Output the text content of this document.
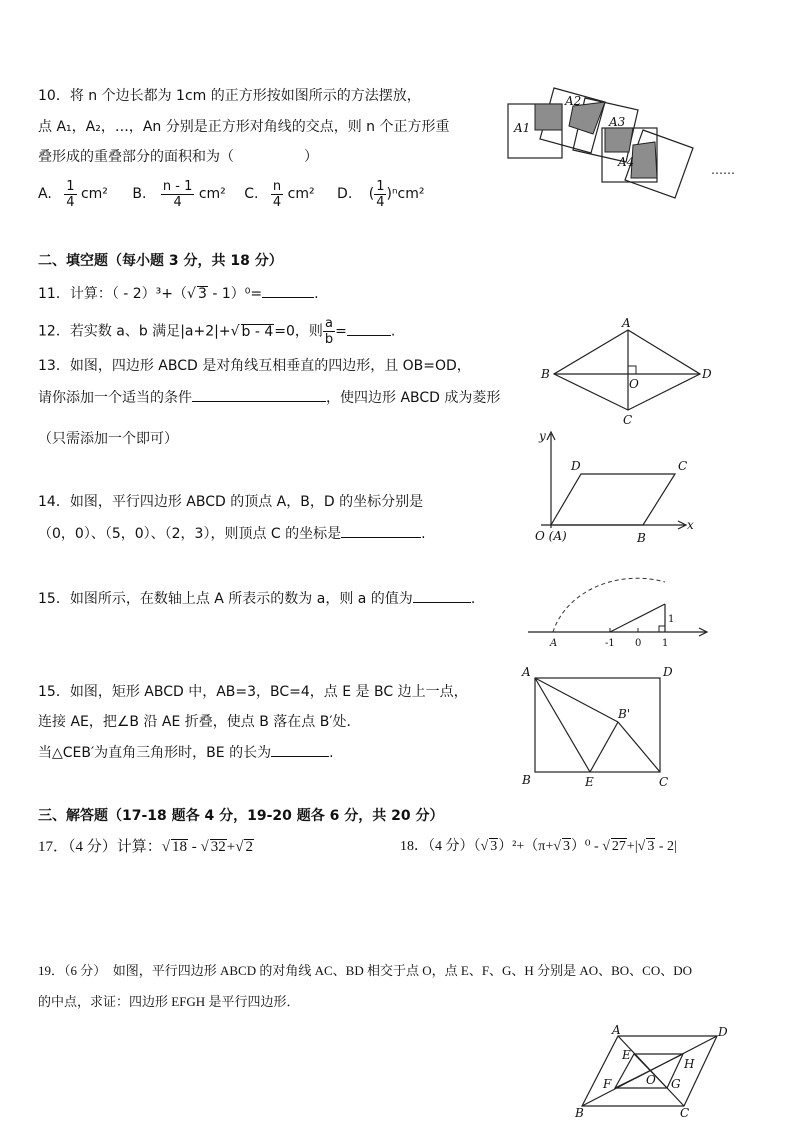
10．将 n 个边长都为 1cm 的正方形按如图所示的方法摆放，
点 A₁，A₂，…，An 分别是正方形对角线的交点，则 n 个正方形重
叠形成的重叠部分的面积和为（　　　　　）
A. $\frac{1}{4} cm^2$ B. $\frac{n - 1}{4} cm^2$ C. $\frac{n}{4} cm^2$ D. ( $\frac{1}{4} )^ncm^2$
A1
A2
A3
A4
……
二、填空题（每小题 3 分，共 18 分）
11．计算：（ - 2）³+（√ 3 - 1）⁰=	.
12．若实数 a、b 满足|a+2|+√ b - 4=0，则 $\frac{a}{b}$ =	.
13．如图，四边形 ABCD 是对角线互相垂直的四边形，且 OB=OD，
请你添加一个适当的条件	，使四边形 ABCD 成为菱形
（只需添加一个即可）
A
B
O
D
C
14．如图，平行四边形 ABCD 的顶点 A，B，D 的坐标分别是
（0，0）、（5，0）、（2，3），则顶点 C 的坐标是	.
y
D	C
O (A)	B
x
15．如图所示，在数轴上点 A 所表示的数为 a，则 a 的值为	.
A	-1 0 1
1
15．如图，矩形 ABCD 中，AB=3，BC=4，点 E 是 BC 边上一点，
连接 AE，把∠B 沿 AE 折叠，使点 B 落在点 B′处．
当△CEB′为直角三角形时，BE 的长为	.
A	D
B'
B	E	C
三、解答题（17-18 题各 4 分，19-20 题各 6 分，共 20 分）
17．（4 分）计算：√ 18 - √ 32+√ 2	18．（4 分）（√ 3）²+（π+√ 3）⁰ - √ 27+|√ 3 - 2|
19．（6 分）　如图，平行四边形 ABCD 的对角线 AC、BD 相交于点 O，点 E、F、G、H 分别是 AO、BO、CO、DO
的中点，求证：四边形 EFGH 是平行四边形．
A	D
E
H
F	O G
B	C
